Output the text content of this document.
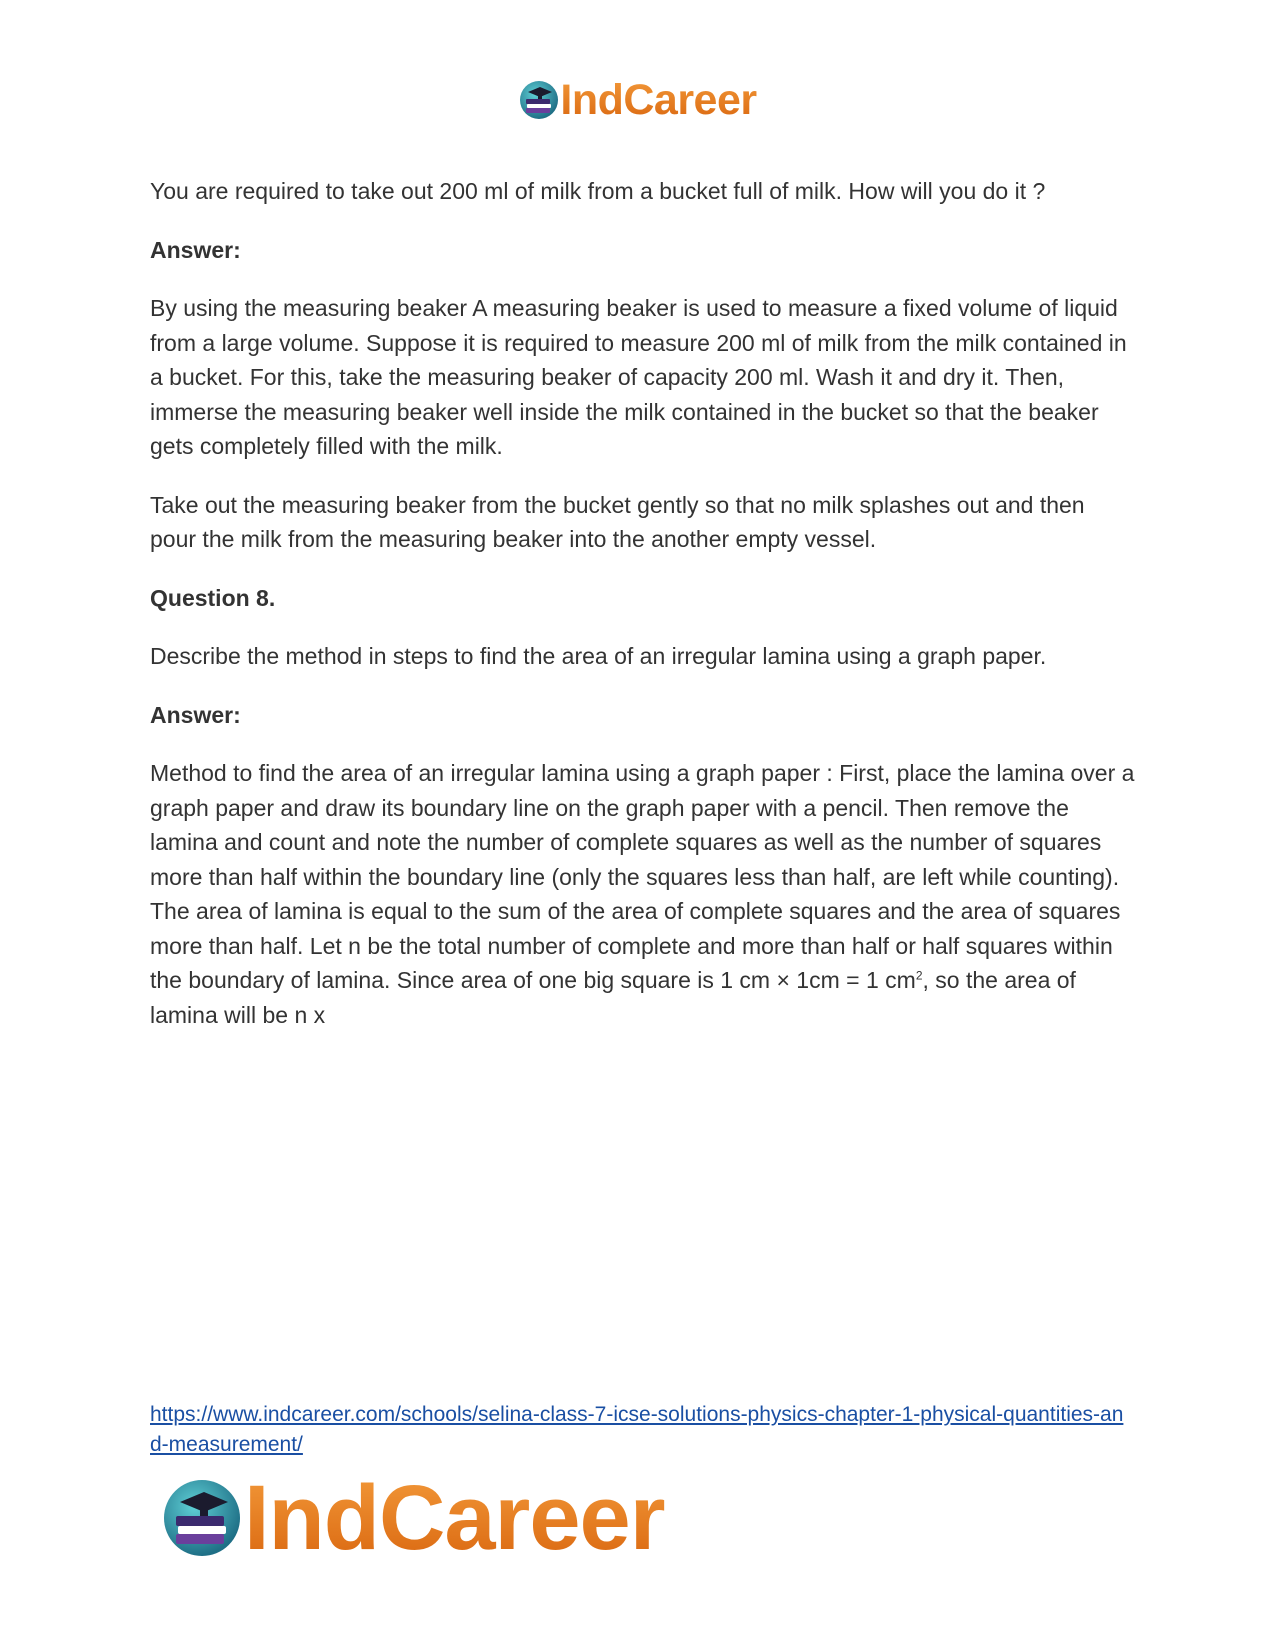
IndCareer

You are required to take out 200 ml of milk from a bucket full of milk. How will you do it ?

Answer:

By using the measuring beaker A measuring beaker is used to measure a fixed volume of liquid from a large volume. Suppose it is required to measure 200 ml of milk from the milk contained in a bucket. For this, take the measuring beaker of capacity 200 ml. Wash it and dry it. Then, immerse the measuring beaker well inside the milk contained in the bucket so that the beaker gets completely filled with the milk.

Take out the measuring beaker from the bucket gently so that no milk splashes out and then pour the milk from the measuring beaker into the another empty vessel.

Question 8.

Describe the method in steps to find the area of an irregular lamina using a graph paper.

Answer:

Method to find the area of an irregular lamina using a graph paper : First, place the lamina over a graph paper and draw its boundary line on the graph paper with a pencil. Then remove the lamina and count and note the number of complete squares as well as the number of squares more than half within the boundary line (only the squares less than half, are left while counting). The area of lamina is equal to the sum of the area of complete squares and the area of squares more than half. Let n be the total number of complete and more than half or half squares within the boundary of lamina. Since area of one big square is 1 cm × 1cm = 1 $cm^2$, so the area of lamina will be n x

https://www.indcareer.com/schools/selina-class-7-icse-solutions-physics-chapter-1-physical-quantities-and-measurement/
IndCareer
